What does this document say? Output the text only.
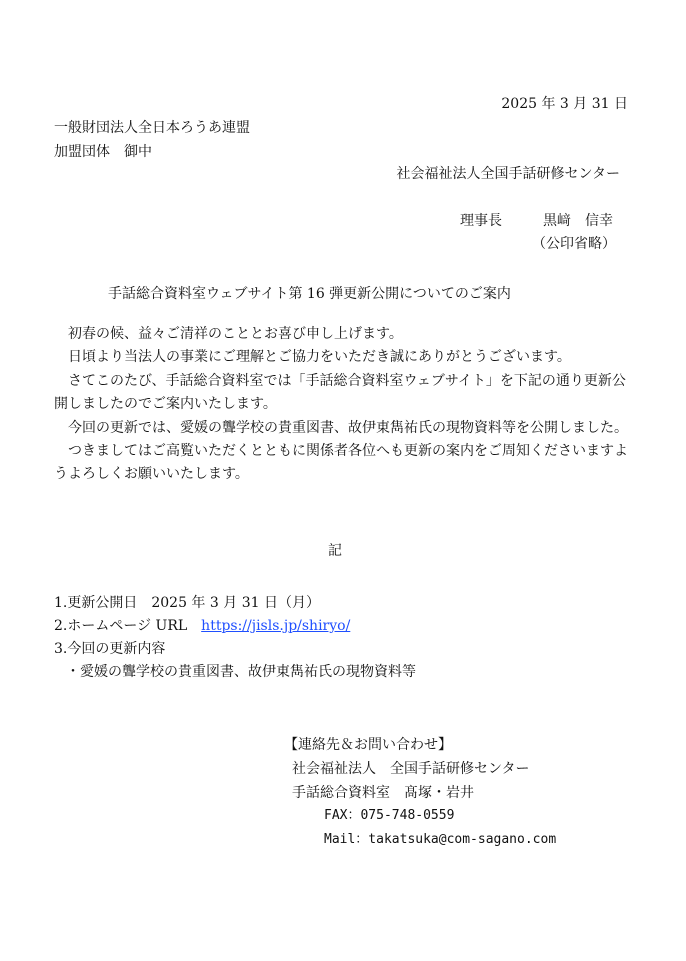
2025 年 3 月 31 日
一般財団法人全日本ろうあ連盟
加盟団体　御中
社会福祉法人全国手話研修センター
理事長	黒﨑　信幸
（公印省略）
手話総合資料室ウェブサイト第 16 弾更新公開についてのご案内

初春の候、益々ご清祥のこととお喜び申し上げます。

日頃より当法人の事業にご理解とご協力をいただき誠にありがとうございます。

さてこのたび、手話総合資料室では「手話総合資料室ウェブサイト」を下記の通り更新公開しましたのでご案内いたします。

今回の更新では、愛媛の聾学校の貴重図書、故伊東雋祐氏の現物資料等を公開しました。

つきましてはご高覧いただくとともに関係者各位へも更新の案内をご周知くださいますようよろしくお願いいたします。

記
1.更新公開日　2025 年 3 月 31 日（月）
2.ホームページ URL　https://jisls.jp/shiryo/
3.今回の更新内容
・愛媛の聾学校の貴重図書、故伊東雋祐氏の現物資料等
【連絡先＆お問い合わせ】
社会福祉法人　全国手話研修センター
手話総合資料室　髙塚・岩井
FAX：075-748-0559
Mail：takatsuka@com-sagano.com
